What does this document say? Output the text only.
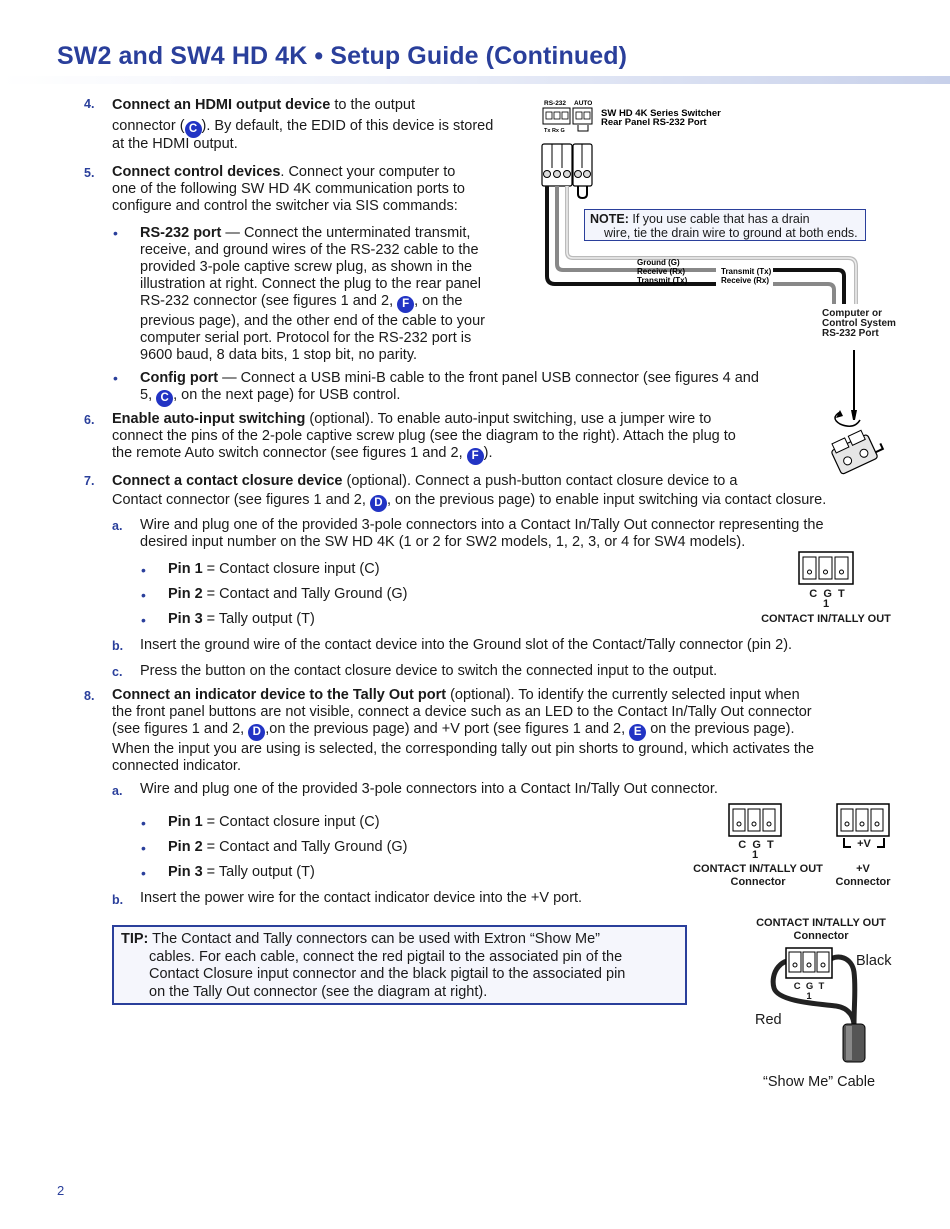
SW2 and SW4 HD 4K • Setup Guide (Continued)
4. Connect an HDMI output device to the output
connector ( C ). By default, the EDID of this device is stored
at the HDMI output.
5. Connect control devices. Connect your computer to
one of the following SW HD 4K communication ports to
configure and control the switcher via SIS commands:
• RS-232 port — Connect the unterminated transmit,
receive, and ground wires of the RS-232 cable to the
provided 3-pole captive screw plug, as shown in the
illustration at right. Connect the plug to the rear panel
RS-232 connector (see figures 1 and 2, F , on the
previous page), and the other end of the cable to your
computer serial port. Protocol for the RS-232 port is
9600 baud, 8 data bits, 1 stop bit, no parity.
• Config port — Connect a USB mini-B cable to the front panel USB connector (see figures 4 and
5, C , on the next page) for USB control.
6. Enable auto-input switching (optional). To enable auto-input switching, use a jumper wire to
connect the pins of the 2-pole captive screw plug (see the diagram to the right). Attach the plug to
the remote Auto switch connector (see figures 1 and 2, F ).
7. Connect a contact closure device (optional). Connect a push-button contact closure device to a
Contact connector (see figures 1 and 2, D , on the previous page) to enable input switching via contact closure.
a. Wire and plug one of the provided 3-pole connectors into a Contact In/Tally Out connector representing the
desired input number on the SW HD 4K (1 or 2 for SW2 models, 1, 2, 3, or 4 for SW4 models).
• Pin 1 = Contact closure input (C)
• Pin 2 = Contact and Tally Ground (G)
• Pin 3 = Tally output (T)
b. Insert the ground wire of the contact device into the Ground slot of the Contact/Tally connector (pin 2).
c. Press the button on the contact closure device to switch the connected input to the output.
8. Connect an indicator device to the Tally Out port (optional). To identify the currently selected input when
the front panel buttons are not visible, connect a device such as an LED to the Contact In/Tally Out connector
(see figures 1 and 2, D ,on the previous page) and +V port (see figures 1 and 2, E on the previous page).
When the input you are using is selected, the corresponding tally out pin shorts to ground, which activates the
connected indicator.
a. Wire and plug one of the provided 3-pole connectors into a Contact In/Tally Out connector.
• Pin 1 = Contact closure input (C)
• Pin 2 = Contact and Tally Ground (G)
• Pin 3 = Tally output (T)
b. Insert the power wire for the contact indicator device into the +V port.
TIP: The Contact and Tally connectors can be used with Extron “Show Me”
cables. For each cable, connect the red pigtail to the associated pin of the
Contact Closure input connector and the black pigtail to the associated pin
on the Tally Out connector (see the diagram at right).
RS-232 AUTO
Tx Rx G
SW HD 4K Series Switcher
Rear Panel RS-232 Port
Ground (G)
Receive (Rx)
Transmit (Tx)
Transmit (Tx)
Receive (Rx)
NOTE: If you use cable that has a drain
wire, tie the drain wire to ground at both ends.
Computer or
Control System
RS-232 Port
C  G  T
1
CONTACT IN/TALLY OUT
C  G  T
1
CONTACT IN/TALLY OUT
Connector
+V
+V
Connector
CONTACT IN/TALLY OUT
Connector
C  G  T
1
Black
Red
“Show Me” Cable
2
